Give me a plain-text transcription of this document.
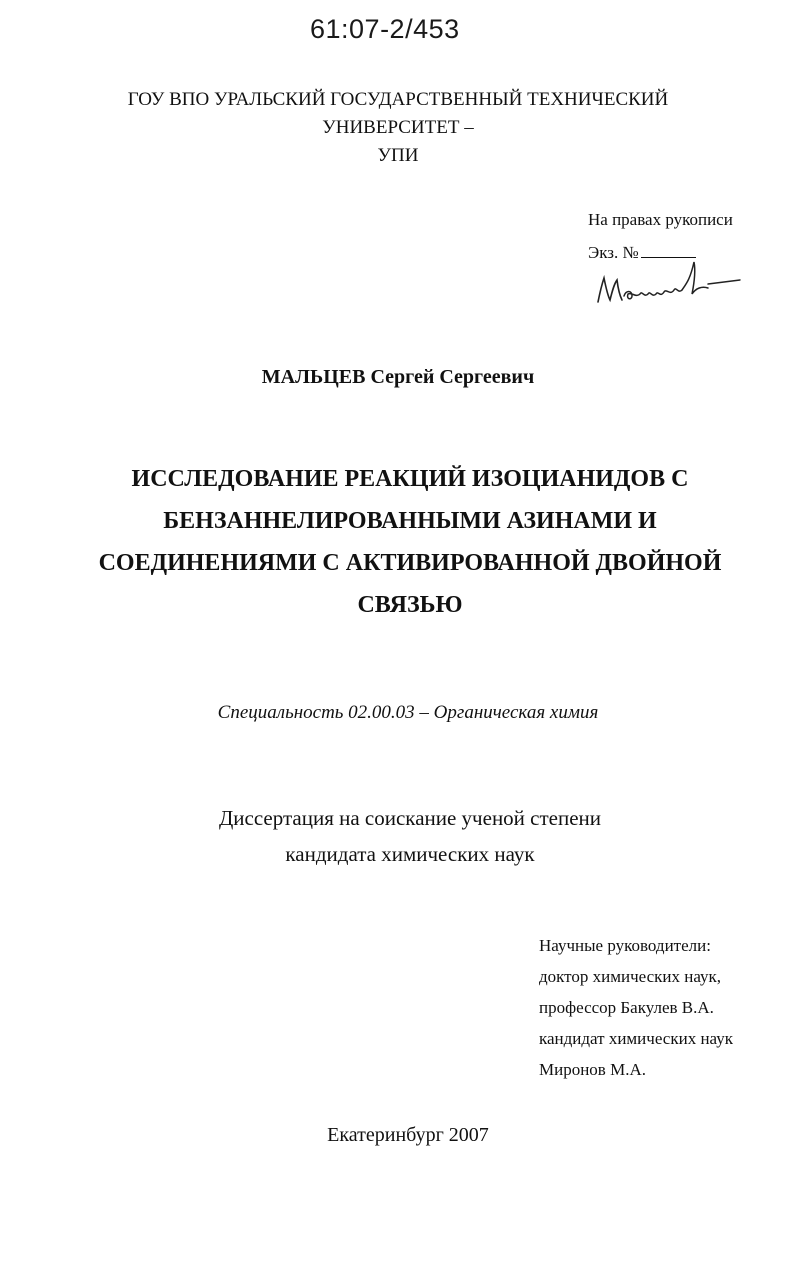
61:07-2/453
ГОУ ВПО УРАЛЬСКИЙ ГОСУДАРСТВЕННЫЙ ТЕХНИЧЕСКИЙ УНИВЕРСИТЕТ –
УПИ
На правах рукописи
Экз. №
МАЛЬЦЕВ Сергей Сергеевич
ИССЛЕДОВАНИЕ РЕАКЦИЙ ИЗОЦИАНИДОВ С
БЕНЗАННЕЛИРОВАННЫМИ АЗИНАМИ И
СОЕДИНЕНИЯМИ С АКТИВИРОВАННОЙ ДВОЙНОЙ
СВЯЗЬЮ
Специальность 02.00.03 – Органическая химия
Диссертация на соискание ученой степени
кандидата химических наук
Научные руководители:
доктор химических наук,
профессор Бакулев В.А.
кандидат химических наук
Миронов М.А.
Екатеринбург 2007
